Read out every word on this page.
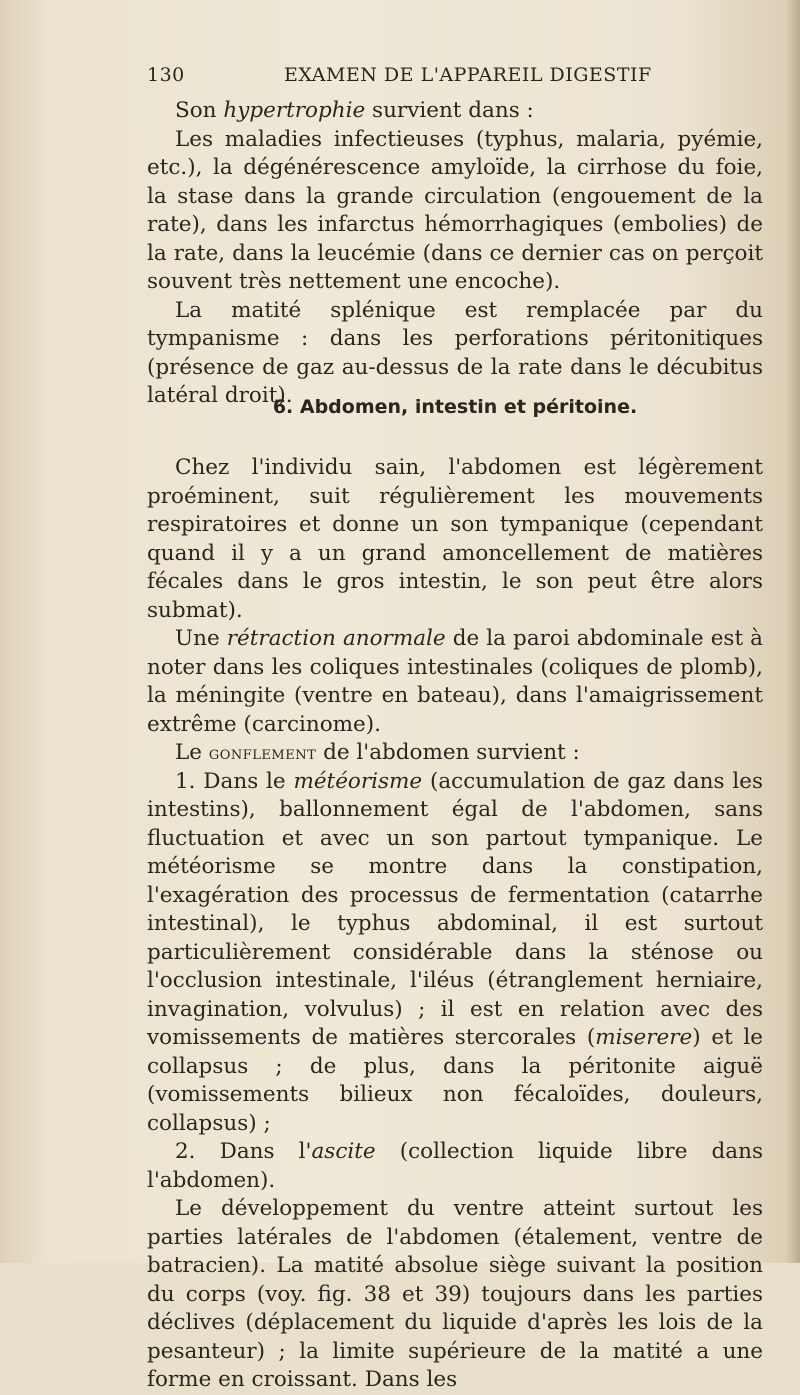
130	EXAMEN DE L'APPAREIL DIGESTIF

Son hypertrophie survient dans :

Les maladies infectieuses (typhus, malaria, pyémie, etc.), la dégénérescence amyloïde, la cirrhose du foie, la stase dans la grande circulation (engouement de la rate), dans les infarctus hémorrhagiques (embolies) de la rate, dans la leucémie (dans ce dernier cas on perçoit souvent très nettement une encoche).

La matité splénique est remplacée par du tympanisme : dans les perforations péritonitiques (présence de gaz au-dessus de la rate dans le décubitus latéral droit).

6. Abdomen, intestin et péritoine.

Chez l'individu sain, l'abdomen est légèrement proéminent, suit régulièrement les mouvements respiratoires et donne un son tympanique (cependant quand il y a un grand amoncellement de matières fécales dans le gros intestin, le son peut être alors submat).

Une rétraction anormale de la paroi abdominale est à noter dans les coliques intestinales (coliques de plomb), la méningite (ventre en bateau), dans l'amaigrissement extrême (carcinome).

Le gonflement de l'abdomen survient :

1. Dans le météorisme (accumulation de gaz dans les intestins), ballonnement égal de l'abdomen, sans fluctuation et avec un son partout tympanique. Le météorisme se montre dans la constipation, l'exagération des processus de fermentation (catarrhe intestinal), le typhus abdominal, il est surtout particulièrement considérable dans la sténose ou l'occlusion intestinale, l'iléus (étranglement herniaire, invagination, volvulus) ; il est en relation avec des vomissements de matières stercorales (miserere) et le collapsus ; de plus, dans la péritonite aiguë (vomissements bilieux non fécaloïdes, douleurs, collapsus) ;

2. Dans l'ascite (collection liquide libre dans l'abdomen).

Le développement du ventre atteint surtout les parties latérales de l'abdomen (étalement, ventre de batracien). La matité absolue siège suivant la position du corps (voy. fig. 38 et 39) toujours dans les parties déclives (déplacement du liquide d'après les lois de la pesanteur) ; la limite supérieure de la matité a une forme en croissant. Dans les
